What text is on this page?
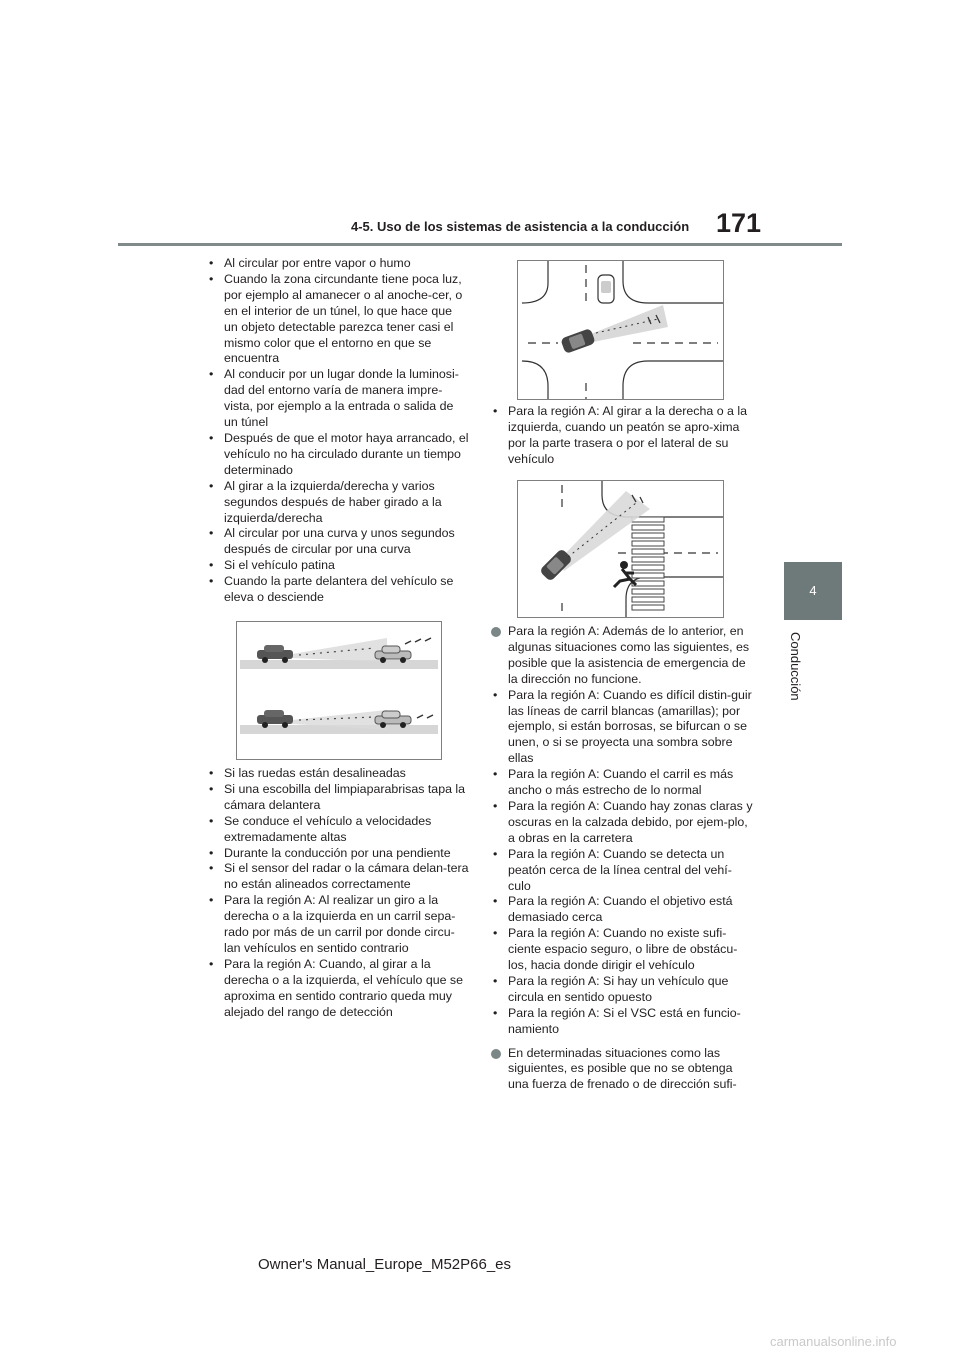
4-5. Uso de los sistemas de asistencia a la conducción 171
4
Conducción
• Al circular por entre vapor o humo
• Cuando la zona circundante tiene poca luz, por ejemplo al amanecer o al anoche-cer, o en el interior de un túnel, lo que hace que un objeto detectable parezca tener casi el mismo color que el entorno en que se encuentra
• Al conducir por un lugar donde la luminosi-dad del entorno varía de manera impre-vista, por ejemplo a la entrada o salida de un túnel
• Después de que el motor haya arrancado, el vehículo no ha circulado durante un tiempo determinado
• Al girar a la izquierda/derecha y varios segundos después de haber girado a la izquierda/derecha
• Al circular por una curva y unos segundos después de circular por una curva
• Si el vehículo patina
• Cuando la parte delantera del vehículo se eleva o desciende
• Si las ruedas están desalineadas
• Si una escobilla del limpiaparabrisas tapa la cámara delantera
• Se conduce el vehículo a velocidades extremadamente altas
• Durante la conducción por una pendiente
• Si el sensor del radar o la cámara delan-tera no están alineados correctamente
• Para la región A: Al realizar un giro a la derecha o a la izquierda en un carril sepa-rado por más de un carril por donde circu-lan vehículos en sentido contrario
• Para la región A: Cuando, al girar a la derecha o a la izquierda, el vehículo que se aproxima en sentido contrario queda muy alejado del rango de detección
• Para la región A: Al girar a la derecha o a la izquierda, cuando un peatón se apro-xima por la parte trasera o por el lateral de su vehículo
Para la región A: Además de lo anterior, en algunas situaciones como las siguientes, es posible que la asistencia de emergencia de la dirección no funcione.
• Para la región A: Cuando es difícil distin-guir las líneas de carril blancas (amarillas); por ejemplo, si están borrosas, se bifurcan o se unen, o si se proyecta una sombra sobre ellas
• Para la región A: Cuando el carril es más ancho o más estrecho de lo normal
• Para la región A: Cuando hay zonas claras y oscuras en la calzada debido, por ejem-plo, a obras en la carretera
• Para la región A: Cuando se detecta un peatón cerca de la línea central del vehí-culo
• Para la región A: Cuando el objetivo está demasiado cerca
• Para la región A: Cuando no existe sufi-ciente espacio seguro, o libre de obstácu-los, hacia donde dirigir el vehículo
• Para la región A: Si hay un vehículo que circula en sentido opuesto
• Para la región A: Si el VSC está en funcio-namiento
En determinadas situaciones como las siguientes, es posible que no se obtenga una fuerza de frenado o de dirección sufi-
Owner's Manual_Europe_M52P66_es
carmanualsonline.info
